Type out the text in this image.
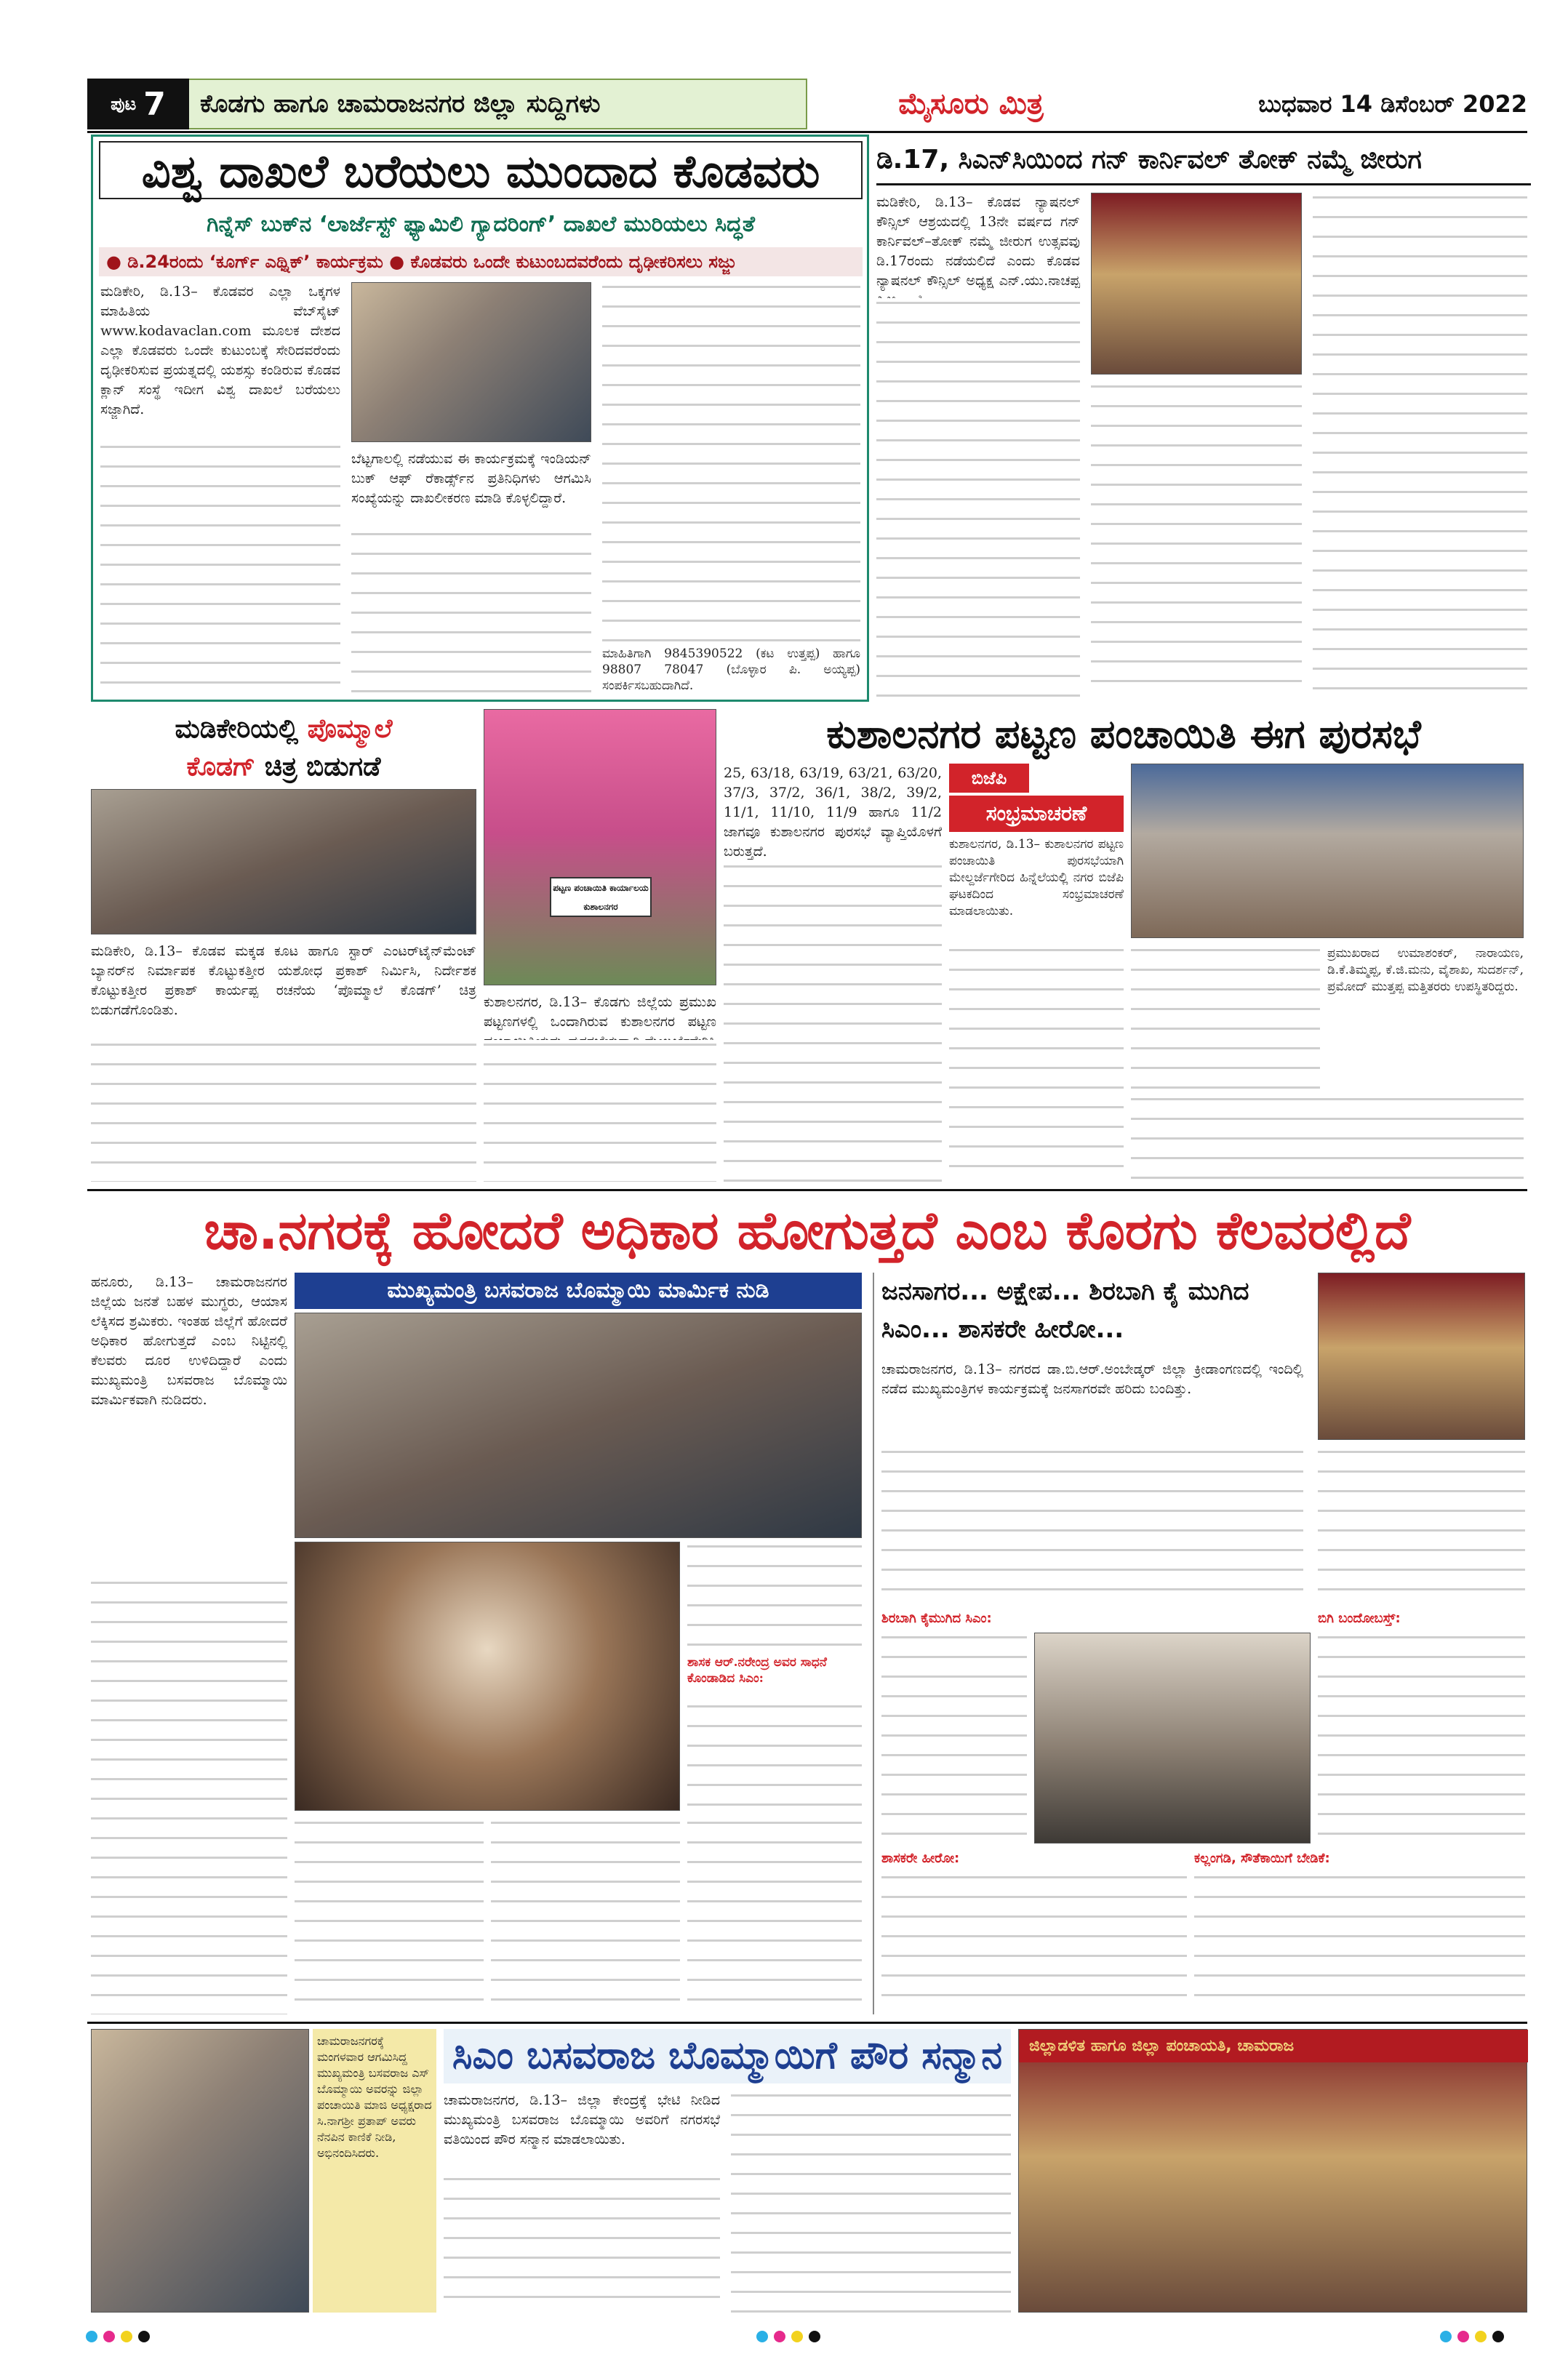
ಪುಟ 7 ಕೊಡಗು ಹಾಗೂ ಚಾಮರಾಜನಗರ ಜಿಲ್ಲಾ ಸುದ್ದಿಗಳು	ಮೈಸೂರು ಮಿತ್ರ	ಬುಧವಾರ 14 ಡಿಸೆಂಬರ್ 2022
ವಿಶ್ವ ದಾಖಲೆ ಬರೆಯಲು ಮುಂದಾದ ಕೊಡವರು
ಗಿನ್ನೆಸ್ ಬುಕ್‌ನ ‘ಲಾರ್ಜೆಸ್ಟ್ ಫ್ಯಾಮಿಲಿ ಗ್ಯಾದರಿಂಗ್’ ದಾಖಲೆ ಮುರಿಯಲು ಸಿದ್ಧತೆ
● ಡಿ.24ರಂದು ‘ಕೂರ್ಗ್ ಎಥ್ನಿಕ್’ ಕಾರ್ಯಕ್ರಮ ● ಕೊಡವರು ಒಂದೇ ಕುಟುಂಬದವರೆಂದು ದೃಢೀಕರಿಸಲು ಸಜ್ಜು
ಮಡಿಕೇರಿ, ಡಿ.13– ಕೊಡವರ ಎಲ್ಲಾ ಒಕ್ಕಗಳ ಮಾಹಿತಿಯ ವೆಬ್‌ಸೈಟ್ www.kodavaclan.com ಮೂಲಕ ದೇಶದ ಎಲ್ಲಾ ಕೊಡವರು ಒಂದೇ ಕುಟುಂಬಕ್ಕೆ ಸೇರಿದವರೆಂದು ದೃಢೀಕರಿಸುವ ಪ್ರಯತ್ನದಲ್ಲಿ ಯಶಸ್ಸು ಕಂಡಿರುವ ಕೊಡವ ಕ್ಲಾನ್ ಸಂಸ್ಥೆ ಇದೀಗ ವಿಶ್ವ ದಾಖಲೆ ಬರೆಯಲು ಸಜ್ಜಾಗಿದೆ.
ಬೆಟ್ಟಗಾಲಲ್ಲಿ ನಡೆಯುವ ಈ ಕಾರ್ಯಕ್ರಮಕ್ಕೆ ಇಂಡಿಯನ್ ಬುಕ್ ಆಫ್ ರೆಕಾರ್ಡ್ಸ್‌ನ ಪ್ರತಿನಿಧಿಗಳು ಆಗಮಿಸಿ ಸಂಖ್ಯೆಯನ್ನು ದಾಖಲೀಕರಣ ಮಾಡಿ ಕೊಳ್ಳಲಿದ್ದಾರೆ.
ಮಾಹಿತಿಗಾಗಿ 9845390522 (ಕಟ ಉತ್ತಪ್ಪ) ಹಾಗೂ 98807 78047 (ಬೊಳ್ಳಾರ ಪಿ. ಅಯ್ಯಪ್ಪ) ಸಂಪರ್ಕಿಸಬಹುದಾಗಿದೆ.
ಡಿ.17, ಸಿಎನ್‌ಸಿಯಿಂದ ಗನ್ ಕಾರ್ನಿವಲ್ ತೋಕ್ ನಮ್ಮೆ ಜೀರುಗ
ಮಡಿಕೇರಿ, ಡಿ.13– ಕೊಡವ ನ್ಯಾಷನಲ್ ಕೌನ್ಸಿಲ್ ಆಶ್ರಯದಲ್ಲಿ 13ನೇ ವರ್ಷದ ಗನ್ ಕಾರ್ನಿವಲ್–ತೋಕ್ ನಮ್ಮೆ ಜೀರುಗ ಉತ್ಸವವು ಡಿ.17ರಂದು ನಡೆಯಲಿದೆ ಎಂದು ಕೊಡವ ನ್ಯಾಷನಲ್ ಕೌನ್ಸಿಲ್ ಅಧ್ಯಕ್ಷ ಎನ್.ಯು.ನಾಚಪ್ಪ
ಮಡಿಕೇರಿಯಲ್ಲಿ ಪೊಮ್ಮಾಲೆ
ಕೊಡಗ್ ಚಿತ್ರ ಬಿಡುಗಡೆ
ಮಡಿಕೇರಿ, ಡಿ.13– ಕೊಡವ ಮಕ್ಕಡ ಕೂಟ ಹಾಗೂ ಸ್ಟಾರ್ ಎಂಟರ್‌ಟೈನ್‌ಮೆಂಟ್ ಬ್ಯಾನರ್‌ನ ನಿರ್ಮಾಪಕ ಕೊಟ್ಟುಕತ್ತೀರ ಯಶೋಧ ಪ್ರಕಾಶ್ ನಿರ್ಮಿಸಿ, ನಿರ್ದೇಶಕ ಕೊಟ್ಟುಕತ್ತೀರ ಪ್ರಕಾಶ್ ಕಾರ್ಯಪ್ಪ ರಚನೆಯ ‘ಪೊಮ್ಮಾಲೆ ಕೊಡಗ್’ ಚಿತ್ರ ಬಿಡುಗಡೆಗೊಂಡಿತು.
ಪಟ್ಟಣ ಪಂಚಾಯಿತಿ ಕಾರ್ಯಾಲಯ ಕುಶಾಲನಗರ
ಕುಶಾಲನಗರ, ಡಿ.13– ಕೊಡಗು ಜಿಲ್ಲೆಯ ಪ್ರಮುಖ ಪಟ್ಟಣಗಳಲ್ಲಿ ಒಂದಾಗಿರುವ ಕುಶಾಲನಗರ ಪಟ್ಟಣ
ಕುಶಾಲನಗರ ಪಟ್ಟಣ ಪಂಚಾಯಿತಿ ಈಗ ಪುರಸಭೆ
25, 63/18, 63/19, 63/21, 63/20, 37/3, 37/2, 36/1, 38/2, 39/2, 11/1, 11/10, 11/9 ಹಾಗೂ 11/2 ಜಾಗವೂ ಕುಶಾಲನಗರ ಪುರಸಭೆ ವ್ಯಾಪ್ತಿಯೊಳಗೆ ಬರುತ್ತದೆ.
ಬಿಜೆಪಿ
ಸಂಭ್ರಮಾಚರಣೆ
ಕುಶಾಲನಗರ, ಡಿ.13– ಕುಶಾಲನಗರ ಪಟ್ಟಣ ಪಂಚಾಯಿತಿ ಪುರಸಭೆಯಾಗಿ ಮೇಲ್ದರ್ಜೆಗೇರಿದ ಹಿನ್ನೆಲೆಯಲ್ಲಿ ನಗರ ಬಿಜೆಪಿ ಘಟಕದಿಂದ ಸಂಭ್ರಮಾಚರಣೆ ಮಾಡಲಾಯಿತು.
ಪ್ರಮುಖರಾದ ಉಮಾಶಂಕರ್, ನಾರಾಯಣ, ಡಿ.ಕೆ.ತಿಮ್ಮಪ್ಪ, ಕೆ.ಜಿ.ಮನು, ವೈಶಾಖ, ಸುದರ್ಶನ್, ಪ್ರಮೋದ್ ಮುತ್ತಪ್ಪ ಮತ್ತಿತರರು ಉಪಸ್ಥಿತರಿದ್ದರು.
ಚಾ.ನಗರಕ್ಕೆ ಹೋದರೆ ಅಧಿಕಾರ ಹೋಗುತ್ತದೆ ಎಂಬ ಕೊರಗು ಕೆಲವರಲ್ಲಿದೆ
ಹನೂರು, ಡಿ.13– ಚಾಮರಾಜನಗರ ಜಿಲ್ಲೆಯ ಜನತೆ ಬಹಳ ಮುಗ್ಧರು, ಆಯಾಸ ಲೆಕ್ಕಿಸದ ಶ್ರಮಿಕರು. ಇಂತಹ ಜಿಲ್ಲೆಗೆ ಹೋದರೆ ಅಧಿಕಾರ ಹೋಗುತ್ತದೆ ಎಂಬ ನಿಟ್ಟಿನಲ್ಲಿ ಕೆಲವರು ದೂರ ಉಳಿದಿದ್ದಾರೆ ಎಂದು ಮುಖ್ಯಮಂತ್ರಿ ಬಸವರಾಜ ಬೊಮ್ಮಾಯಿ ಮಾರ್ಮಿಕವಾಗಿ ನುಡಿದರು.
ಮುಖ್ಯಮಂತ್ರಿ ಬಸವರಾಜ ಬೊಮ್ಮಾಯಿ ಮಾರ್ಮಿಕ ನುಡಿ
ಶಾಸಕ ಆರ್.ನರೇಂದ್ರ ಅವರ ಸಾಧನೆ ಕೊಂಡಾಡಿದ ಸಿಎಂ:
ಜನಸಾಗರ... ಅಕ್ಷೇಪ... ಶಿರಬಾಗಿ ಕೈ ಮುಗಿದ ಸಿಎಂ... ಶಾಸಕರೇ ಹೀರೋ...
ಚಾಮರಾಜನಗರ, ಡಿ.13– ನಗರದ ಡಾ.ಬಿ.ಆರ್.ಅಂಬೇಡ್ಕರ್ ಜಿಲ್ಲಾ ಕ್ರೀಡಾಂಗಣದಲ್ಲಿ ಇಂದಿಲ್ಲಿ ನಡೆದ ಮುಖ್ಯಮಂತ್ರಿಗಳ ಕಾರ್ಯಕ್ರಮಕ್ಕೆ ಜನಸಾಗರವೇ ಹರಿದು ಬಂದಿತ್ತು.
ಶಿರಬಾಗಿ ಕೈಮುಗಿದ ಸಿಎಂ:	ಬಿಗಿ ಬಂದೋಬಸ್ತ್:
ಶಾಸಕರೇ ಹೀರೋ:	ಕಲ್ಲಂಗಡಿ, ಸೌತೆಕಾಯಿಗೆ ಬೇಡಿಕೆ:
ಚಾಮರಾಜನಗರಕ್ಕೆ ಮಂಗಳವಾರ ಆಗಮಿಸಿದ್ದ ಮುಖ್ಯಮಂತ್ರಿ ಬಸವರಾಜ ಎಸ್ ಬೊಮ್ಮಾಯಿ ಅವರನ್ನು ಜಿಲ್ಲಾ ಪಂಚಾಯಿತಿ ಮಾಜಿ ಅಧ್ಯಕ್ಷರಾದ ಸಿ.ನಾಗಶ್ರೀ ಪ್ರತಾಪ್ ಅವರು ನೆನಪಿನ ಕಾಣಿಕೆ ನೀಡಿ, ಅಭಿನಂದಿಸಿದರು.
ಸಿಎಂ ಬಸವರಾಜ ಬೊಮ್ಮಾಯಿಗೆ ಪೌರ ಸನ್ಮಾನ
ಚಾಮರಾಜನಗರ, ಡಿ.13– ಜಿಲ್ಲಾ ಕೇಂದ್ರಕ್ಕೆ ಭೇಟಿ ನೀಡಿದ ಮುಖ್ಯಮಂತ್ರಿ ಬಸವರಾಜ ಬೊಮ್ಮಾಯಿ ಅವರಿಗೆ ನಗರಸಭೆ ವತಿಯಿಂದ ಪೌರ ಸನ್ಮಾನ ಮಾಡಲಾಯಿತು.
ಜಿಲ್ಲಾಡಳಿತ ಹಾಗೂ ಜಿಲ್ಲಾ ಪಂಚಾಯತಿ, ಚಾಮರಾಜ
